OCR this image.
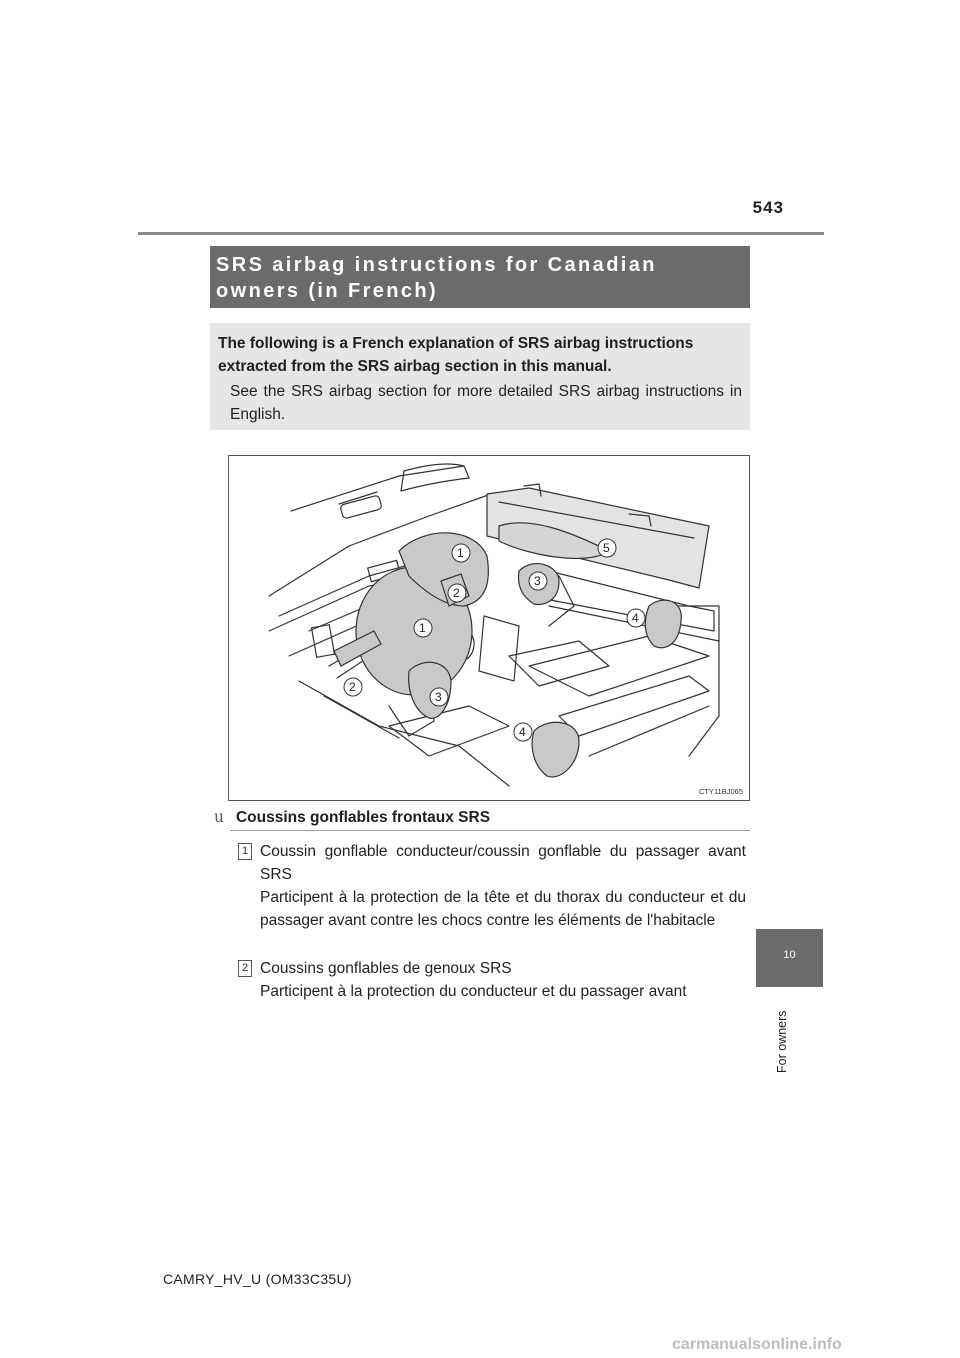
543
SRS airbag instructions for Canadian
owners (in French)
The following is a French explanation of SRS airbag instructions extracted from the SRS airbag section in this manual.
See the SRS airbag section for more detailed SRS airbag instructions in English.
1
1
2
2
3
3
4
4
5
CTY11BJ065
u Coussins gonflables frontaux SRS
1 Coussin gonflable conducteur/coussin gonflable du passager avant SRS
Participent à la protection de la tête et du thorax du conducteur et du passager avant contre les chocs contre les éléments de l'habitacle
2 Coussins gonflables de genoux SRS
Participent à la protection du conducteur et du passager avant
10
For owners
CAMRY_HV_U (OM33C35U)
carmanualsonline.info
